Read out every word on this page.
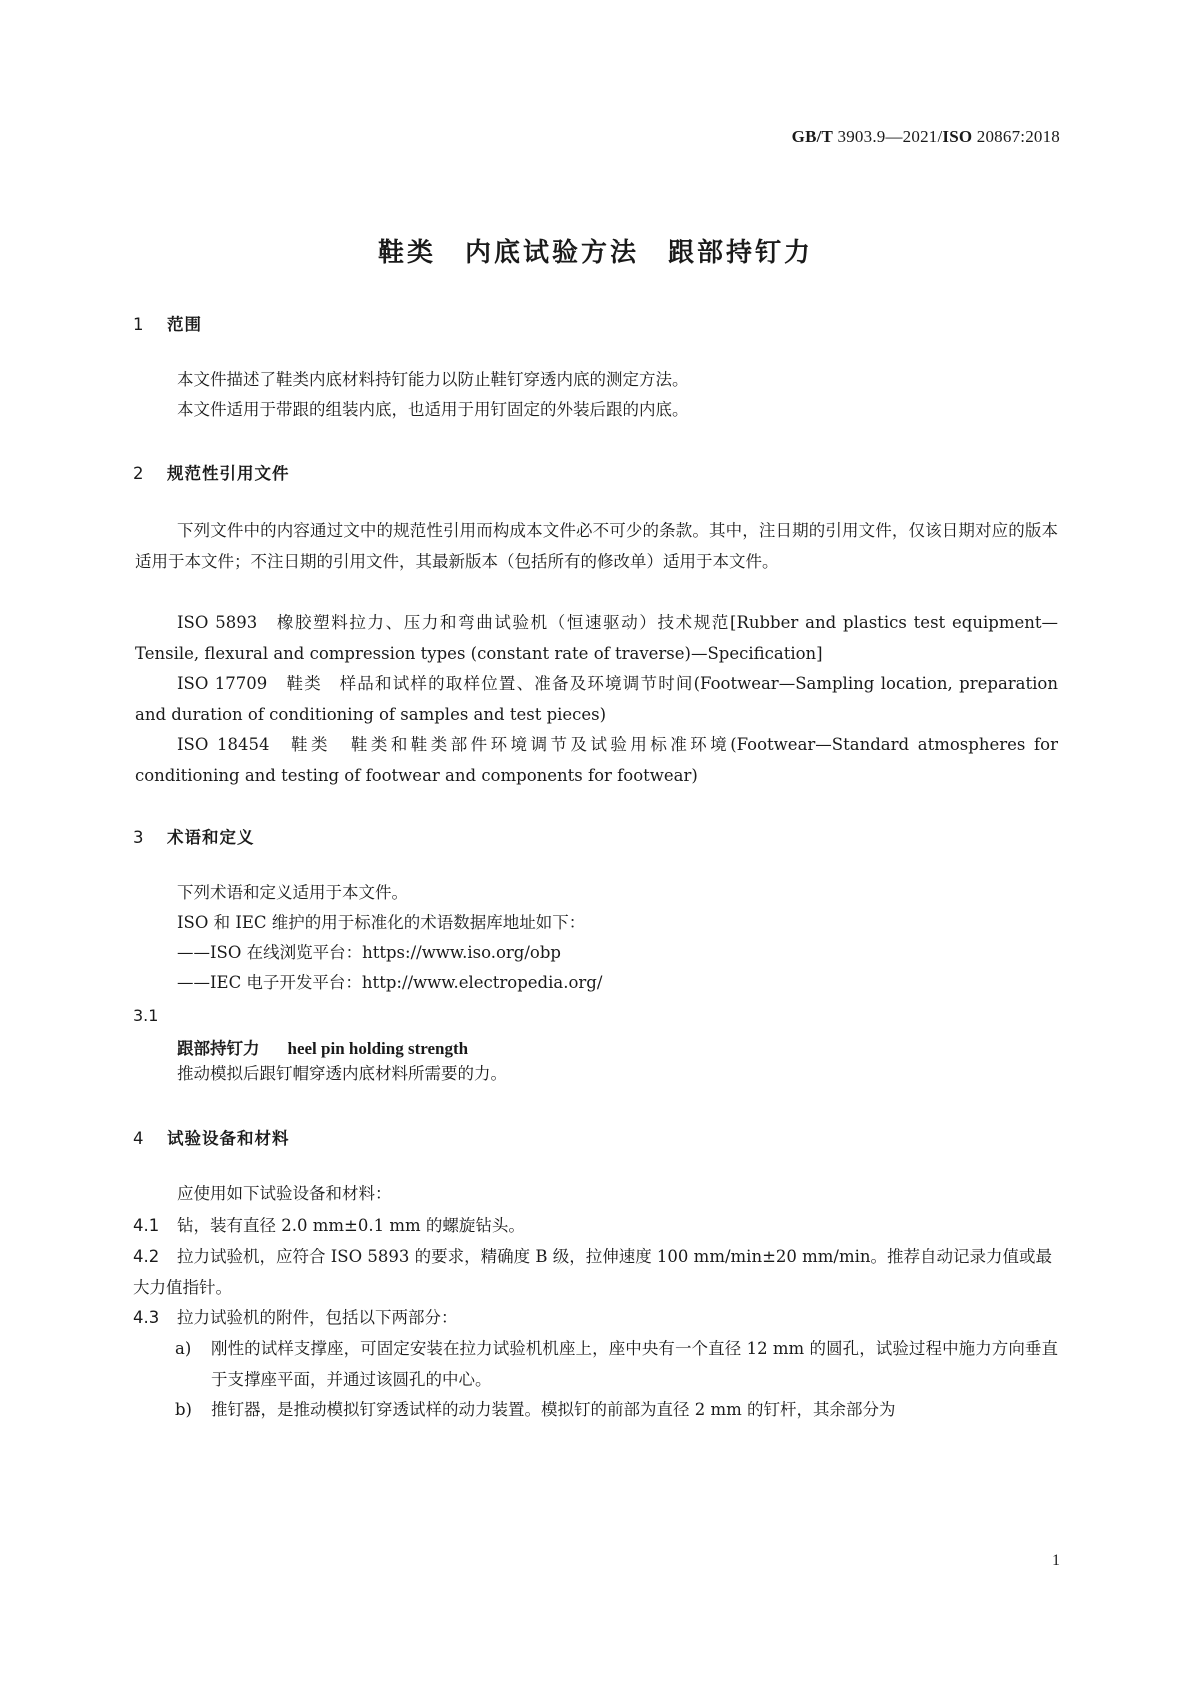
GB/T 3903.9—2021/ISO 20867:2018
鞋类　内底试验方法　跟部持钉力
1 范围
本文件描述了鞋类内底材料持钉能力以防止鞋钉穿透内底的测定方法。
本文件适用于带跟的组装内底，也适用于用钉固定的外装后跟的内底。
2 规范性引用文件
下列文件中的内容通过文中的规范性引用而构成本文件必不可少的条款。其中，注日期的引用文件，仅该日期对应的版本适用于本文件；不注日期的引用文件，其最新版本（包括所有的修改单）适用于本文件。
ISO 5893 橡胶塑料拉力、压力和弯曲试验机（恒速驱动）技术规范[Rubber and plastics test equipment—Tensile, flexural and compression types (constant rate of traverse)—Specification]
ISO 17709 鞋类　样品和试样的取样位置、准备及环境调节时间(Footwear—Sampling location, preparation and duration of conditioning of samples and test pieces)
ISO 18454 鞋类　鞋类和鞋类部件环境调节及试验用标准环境(Footwear—Standard atmospheres for conditioning and testing of footwear and components for footwear)
3 术语和定义
下列术语和定义适用于本文件。
ISO 和 IEC 维护的用于标准化的术语数据库地址如下：
——ISO 在线浏览平台：https://www.iso.org/obp
——IEC 电子开发平台：http://www.electropedia.org/
3.1
跟部持钉力 heel pin holding strength
推动模拟后跟钉帽穿透内底材料所需要的力。
4 试验设备和材料
应使用如下试验设备和材料：
4.1 钻，装有直径 2.0 mm±0.1 mm 的螺旋钻头。
4.2 拉力试验机，应符合 ISO 5893 的要求，精确度 B 级，拉伸速度 100 mm/min±20 mm/min。推荐自动记录力值或最大力值指针。
4.3 拉力试验机的附件，包括以下两部分：
a) 刚性的试样支撑座，可固定安装在拉力试验机机座上，座中央有一个直径 12 mm 的圆孔，试验过程中施力方向垂直于支撑座平面，并通过该圆孔的中心。
b) 推钉器，是推动模拟钉穿透试样的动力装置。模拟钉的前部为直径 2 mm 的钉杆，其余部分为
1
